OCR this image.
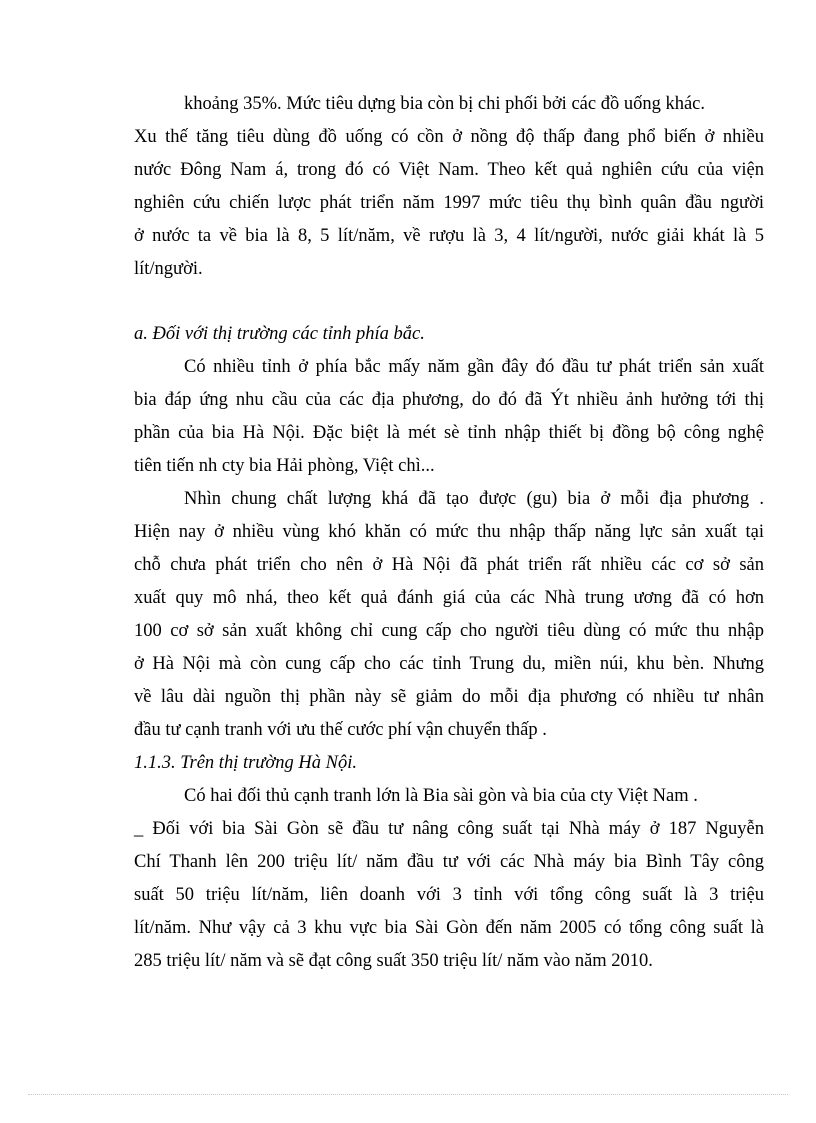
khoảng 35%. Mức tiêu dựng bia còn bị chi phối bởi các đồ uống khác.

Xu thế tăng tiêu dùng đồ uống có cồn ở nồng độ thấp đang phổ biến ở nhiều

nước Đông Nam á, trong đó có Việt Nam. Theo kết quả nghiên cứu của viện

nghiên cứu chiến lược phát triển năm 1997 mức tiêu thụ bình quân đầu người

ở nước ta về bia là 8, 5 lít/năm, về rượu là 3, 4 lít/người, nước giải khát là 5

lít/người.

a. Đối với thị trường các tỉnh phía bắc.

Có nhiều tỉnh ở phía bắc mấy năm gần đây đó đầu tư phát triển sản xuất

bia đáp ứng nhu cầu của các địa phương, do đó đã Ýt nhiều ảnh hưởng tới thị

phần của bia Hà Nội. Đặc biệt là mét sè tỉnh nhập thiết bị đồng bộ công nghệ

tiên tiến nh cty bia Hải phòng, Việt chì...

Nhìn chung chất lượng khá đã tạo được (gu) bia ở mỗi địa phương .

Hiện nay ở nhiều vùng khó khăn có mức thu nhập thấp năng lực sản xuất tại

chỗ chưa phát triển cho nên ở Hà Nội đã phát triển rất nhiều các cơ sở sản

xuất quy mô nhá, theo kết quả đánh giá của các Nhà trung ương đã có hơn

100 cơ sở sản xuất không chỉ cung cấp cho người tiêu dùng có mức thu nhập

ở Hà Nội mà còn cung cấp cho các tỉnh Trung du, miền núi, khu bèn. Nhưng

về lâu dài nguồn thị phần này sẽ giảm do mỗi địa phương có nhiều tư nhân

đầu tư cạnh tranh với ưu thế cước phí vận chuyển thấp .

1.1.3. Trên thị trường Hà Nội.

Có hai đối thủ cạnh tranh lớn là Bia sài gòn và bia của cty Việt Nam .

_ Đối với bia Sài Gòn sẽ đầu tư nâng công suất tại Nhà máy ở 187 Nguyễn

Chí Thanh lên 200 triệu lít/ năm đầu tư với các Nhà máy bia Bình Tây công

suất 50 triệu lít/năm, liên doanh với 3 tỉnh với tổng công suất là 3 triệu

lít/năm. Như vậy cả 3 khu vực bia Sài Gòn đến năm 2005 có tổng công suất là

285 triệu lít/ năm và sẽ đạt công suất 350 triệu lít/ năm vào năm 2010.
